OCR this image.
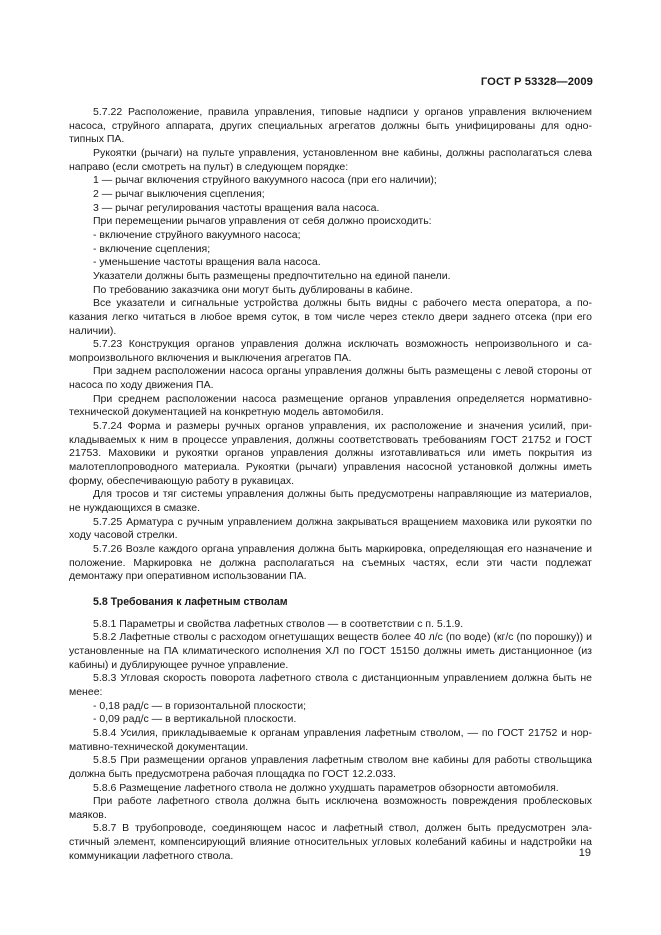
ГОСТ Р 53328—2009

5.7.22 Расположение, правила управления, типовые надписи у органов управления включением насоса, струйного аппарата, других специальных агрегатов должны быть унифицированы для однотипных ПА.

Рукоятки (рычаги) на пульте управления, установленном вне кабины, должны располагаться слева направо (если смотреть на пульт) в следующем порядке:

1 — рычаг включения струйного вакуумного насоса (при его наличии);

2 — рычаг выключения сцепления;

3 — рычаг регулирования частоты вращения вала насоса.

При перемещении рычагов управления от себя должно происходить:

- включение струйного вакуумного насоса;

- включение сцепления;

- уменьшение частоты вращения вала насоса.

Указатели должны быть размещены предпочтительно на единой панели.

По требованию заказчика они могут быть дублированы в кабине.

Все указатели и сигнальные устройства должны быть видны с рабочего места оператора, а показания легко читаться в любое время суток, в том числе через стекло двери заднего отсека (при его наличии).

5.7.23 Конструкция органов управления должна исключать возможность непроизвольного и самопроизвольного включения и выключения агрегатов ПА.

При заднем расположении насоса органы управления должны быть размещены с левой стороны от насоса по ходу движения ПА.

При среднем расположении насоса размещение органов управления определяется нормативно-технической документацией на конкретную модель автомобиля.

5.7.24 Форма и размеры ручных органов управления, их расположение и значения усилий, прикладываемых к ним в процессе управления, должны соответствовать требованиям ГОСТ 21752 и ГОСТ 21753. Маховики и рукоятки органов управления должны изготавливаться или иметь покрытия из малотеплопроводного материала. Рукоятки (рычаги) управления насосной установкой должны иметь форму, обеспечивающую работу в рукавицах.

Для тросов и тяг системы управления должны быть предусмотрены направляющие из материалов, не нуждающихся в смазке.

5.7.25 Арматура с ручным управлением должна закрываться вращением маховика или рукоятки по ходу часовой стрелки.

5.7.26 Возле каждого органа управления должна быть маркировка, определяющая его назначение и положение. Маркировка не должна располагаться на съемных частях, если эти части подлежат демонтажу при оперативном использовании ПА.

5.8 Требования к лафетным стволам

5.8.1 Параметры и свойства лафетных стволов — в соответствии с п. 5.1.9.

5.8.2 Лафетные стволы с расходом огнетушащих веществ более 40 л/с (по воде) (кг/с (по порошку)) и установленные на ПА климатического исполнения ХЛ по ГОСТ 15150 должны иметь дистанционное (из кабины) и дублирующее ручное управление.

5.8.3 Угловая скорость поворота лафетного ствола с дистанционным управлением должна быть не менее:

- 0,18 рад/с — в горизонтальной плоскости;

- 0,09 рад/с — в вертикальной плоскости.

5.8.4 Усилия, прикладываемые к органам управления лафетным стволом, — по ГОСТ 21752 и нормативно-технической документации.

5.8.5 При размещении органов управления лафетным стволом вне кабины для работы ствольщика должна быть предусмотрена рабочая площадка по ГОСТ 12.2.033.

5.8.6 Размещение лафетного ствола не должно ухудшать параметров обзорности автомобиля.

При работе лафетного ствола должна быть исключена возможность повреждения проблесковых маяков.

5.8.7 В трубопроводе, соединяющем насос и лафетный ствол, должен быть предусмотрен эластичный элемент, компенсирующий влияние относительных угловых колебаний кабины и надстройки на коммуникации лафетного ствола.	19
